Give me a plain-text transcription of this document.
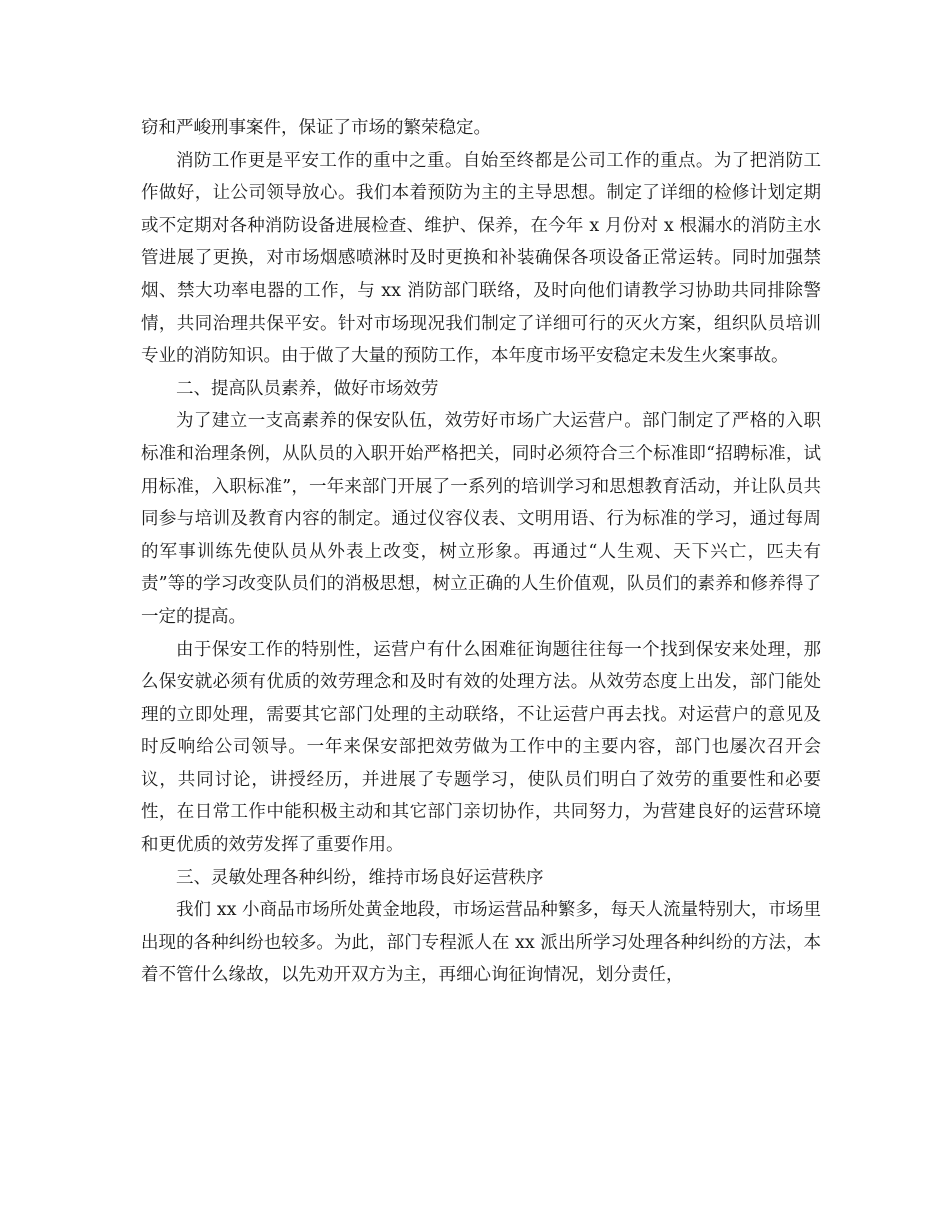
窃和严峻刑事案件，保证了市场的繁荣稳定。

消防工作更是平安工作的重中之重。自始至终都是公司工作的重点。为了把消防工作做好，让公司领导放心。我们本着预防为主的主导思想。制定了详细的检修计划定期或不定期对各种消防设备进展检查、维护、保养，在今年 x 月份对 x 根漏水的消防主水管进展了更换，对市场烟感喷淋时及时更换和补装确保各项设备正常运转。同时加强禁烟、禁大功率电器的工作，与 xx 消防部门联络，及时向他们请教学习协助共同排除警情，共同治理共保平安。针对市场现况我们制定了详细可行的灭火方案，组织队员培训专业的消防知识。由于做了大量的预防工作，本年度市场平安稳定未发生火案事故。

二、提高队员素养，做好市场效劳

为了建立一支高素养的保安队伍，效劳好市场广大运营户。部门制定了严格的入职标准和治理条例，从队员的入职开始严格把关，同时必须符合三个标准即“招聘标准，试用标准，入职标准”，一年来部门开展了一系列的培训学习和思想教育活动，并让队员共同参与培训及教育内容的制定。通过仪容仪表、文明用语、行为标准的学习，通过每周的军事训练先使队员从外表上改变，树立形象。再通过“人生观、天下兴亡，匹夫有责”等的学习改变队员们的消极思想，树立正确的人生价值观，队员们的素养和修养得了一定的提高。

由于保安工作的特别性，运营户有什么困难征询题往往每一个找到保安来处理，那么保安就必须有优质的效劳理念和及时有效的处理方法。从效劳态度上出发，部门能处理的立即处理，需要其它部门处理的主动联络，不让运营户再去找。对运营户的意见及时反响给公司领导。一年来保安部把效劳做为工作中的主要内容，部门也屡次召开会议，共同讨论，讲授经历，并进展了专题学习，使队员们明白了效劳的重要性和必要性，在日常工作中能积极主动和其它部门亲切协作，共同努力，为营建良好的运营环境和更优质的效劳发挥了重要作用。

三、灵敏处理各种纠纷，维持市场良好运营秩序

我们 xx 小商品市场所处黄金地段，市场运营品种繁多，每天人流量特别大，市场里出现的各种纠纷也较多。为此，部门专程派人在 xx 派出所学习处理各种纠纷的方法，本着不管什么缘故，以先劝开双方为主，再细心询征询情况，划分责任，
